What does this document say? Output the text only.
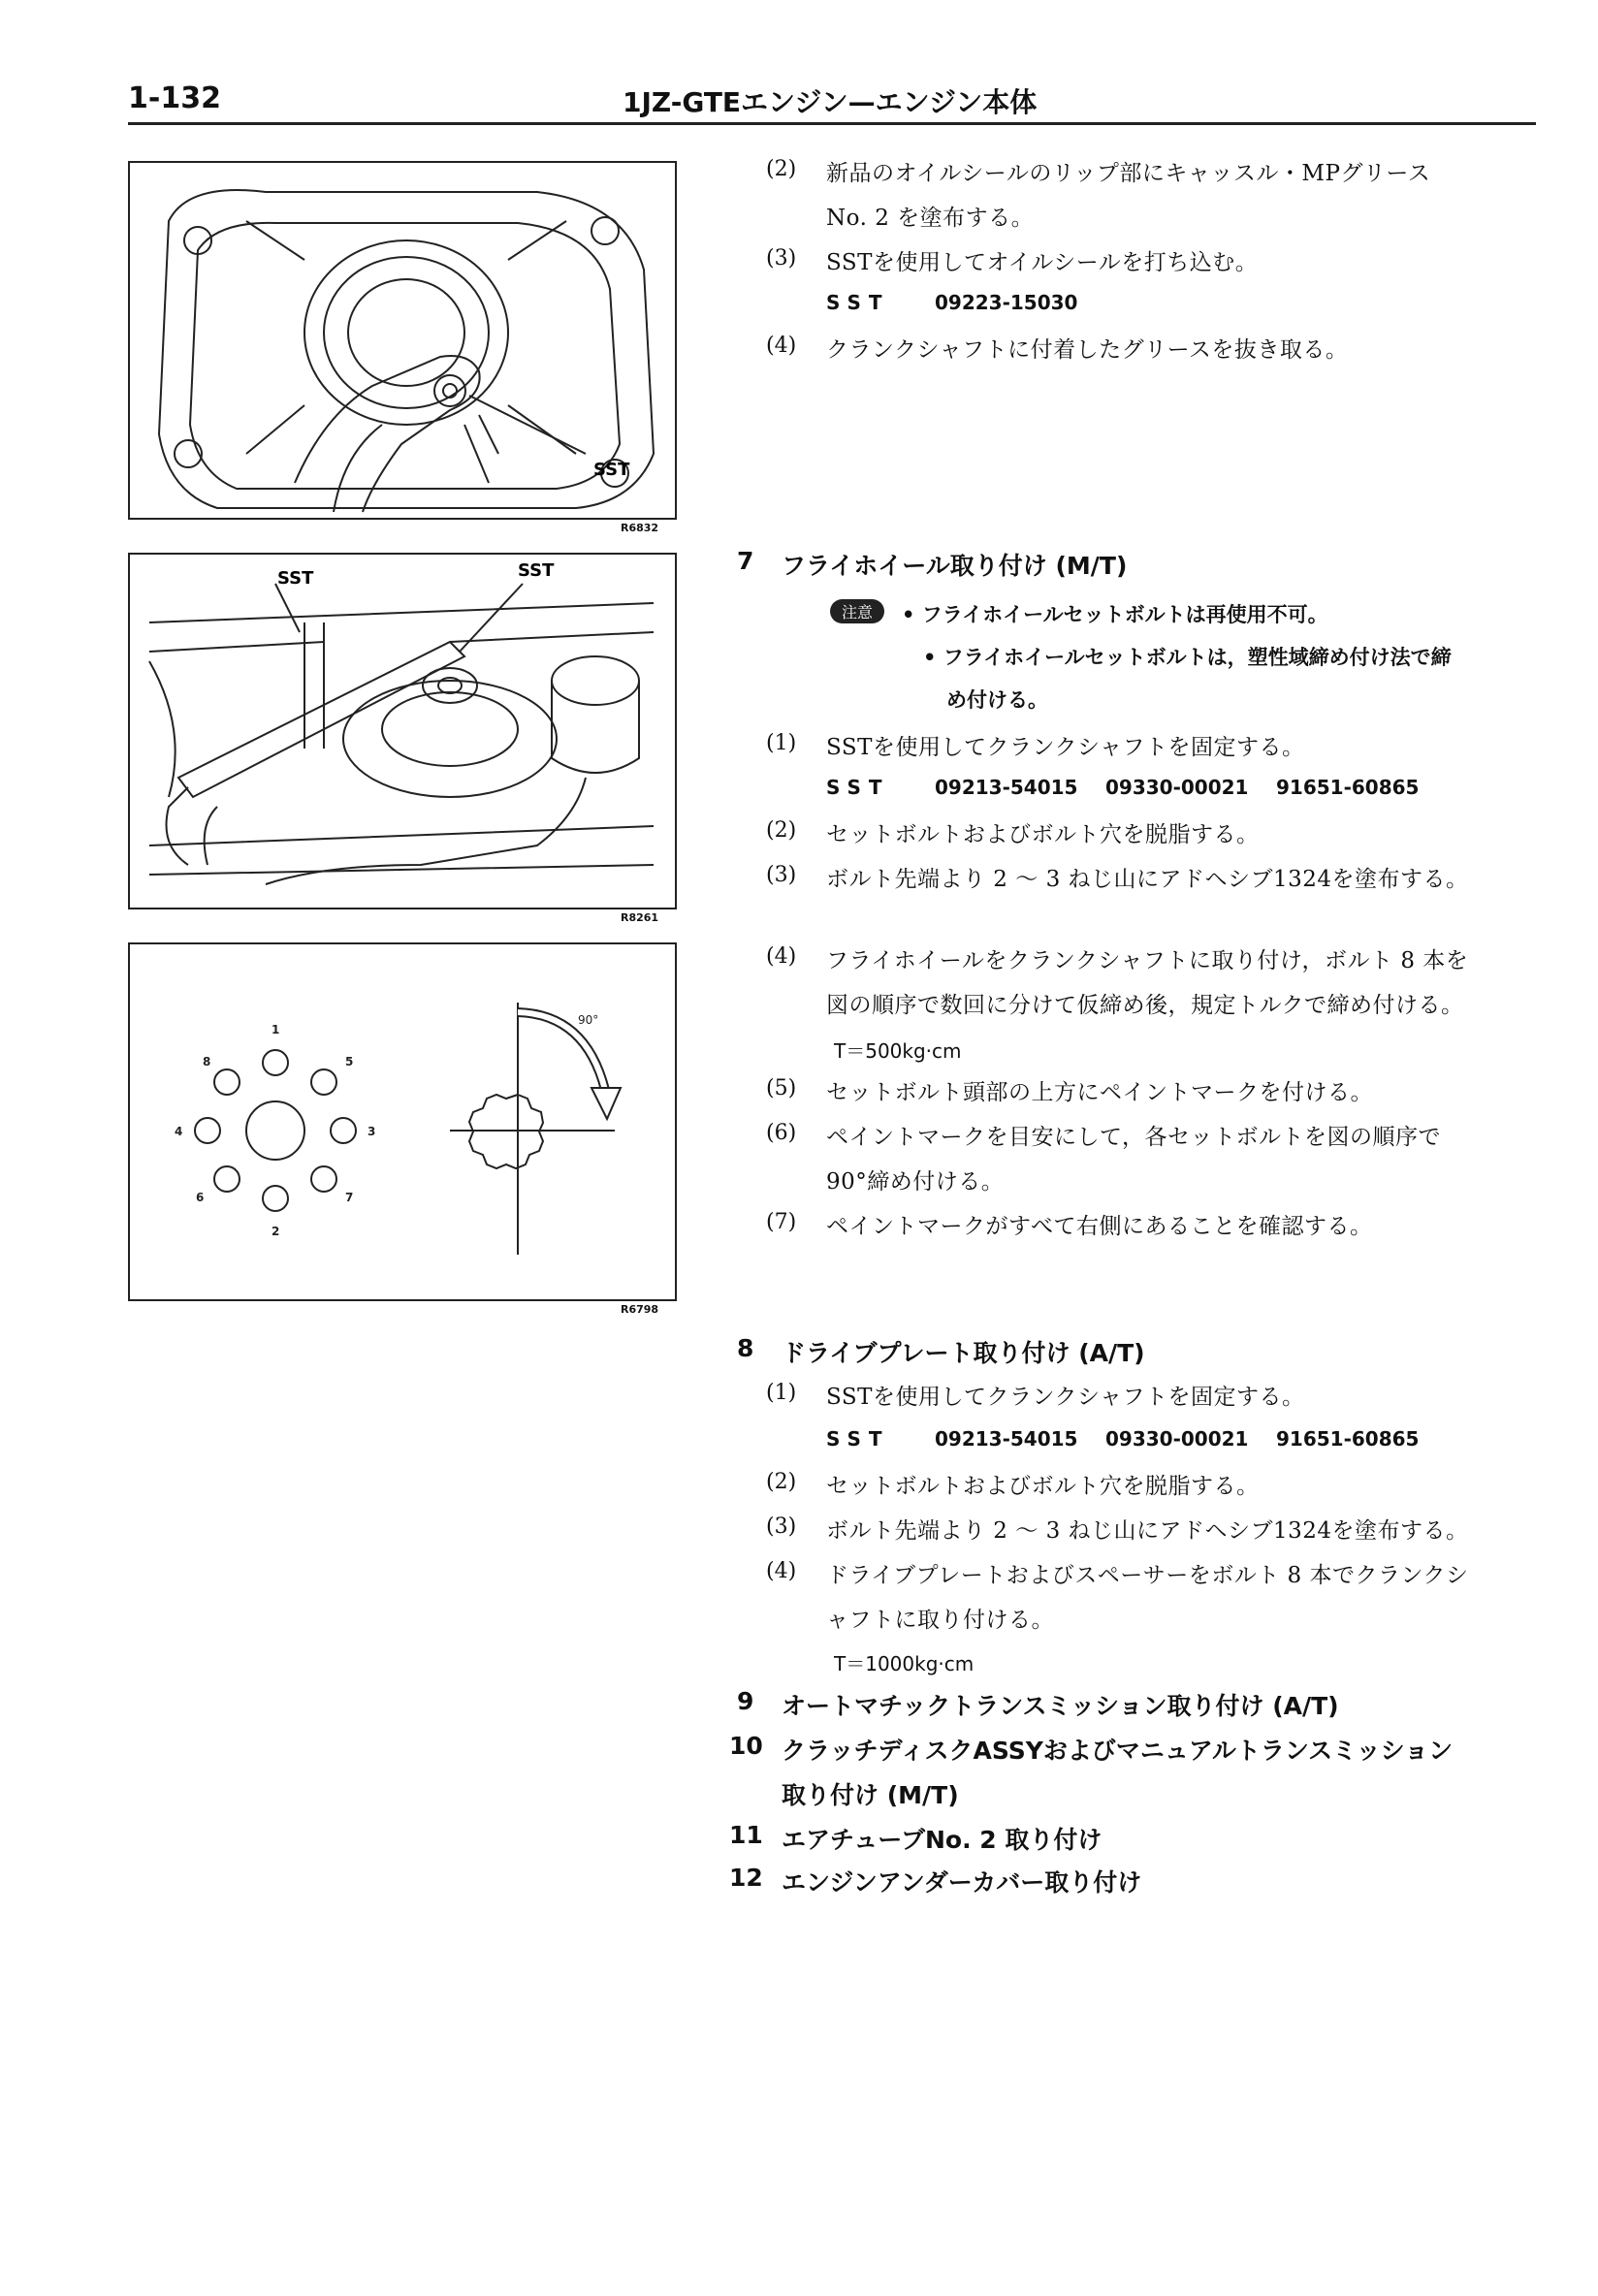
1-132	1JZ-GTEエンジン—エンジン本体
SST
R6832
SST	SST
R8261
1
2
3
4
5
6	7
8
90°
R6798
(2) 新品のオイルシールのリップ部にキャッスル・MPグリース
No. 2 を塗布する。
(3) SSTを使用してオイルシールを打ち込む。
SST 09223-15030
(4) クランクシャフトに付着したグリースを抜き取る。
7 フライホイール取り付け (M/T)
注意	• フライホイールセットボルトは再使用不可。
• フライホイールセットボルトは，塑性域締め付け法で締
め付ける。
(1) SSTを使用してクランクシャフトを固定する。
SST 09213-54015 09330-00021 91651-60865
(2) セットボルトおよびボルト穴を脱脂する。
(3) ボルト先端より 2 〜 3 ねじ山にアドヘシブ1324を塗布する。
(4) フライホイールをクランクシャフトに取り付け，ボルト 8 本を
図の順序で数回に分けて仮締め後，規定トルクで締め付ける。
T＝500kg·cm
(5) セットボルト頭部の上方にペイントマークを付ける。
(6) ペイントマークを目安にして，各セットボルトを図の順序で
90°締め付ける。
(7) ペイントマークがすべて右側にあることを確認する。
8 ドライブプレート取り付け (A/T)
(1) SSTを使用してクランクシャフトを固定する。
SST 09213-54015 09330-00021 91651-60865
(2) セットボルトおよびボルト穴を脱脂する。
(3) ボルト先端より 2 〜 3 ねじ山にアドヘシブ1324を塗布する。
(4) ドライブプレートおよびスペーサーをボルト 8 本でクランクシ
ャフトに取り付ける。
T＝1000kg·cm
9 オートマチックトランスミッション取り付け (A/T)
10 クラッチディスクASSYおよびマニュアルトランスミッション
取り付け (M/T)
11 エアチューブNo. 2 取り付け
12 エンジンアンダーカバー取り付け
